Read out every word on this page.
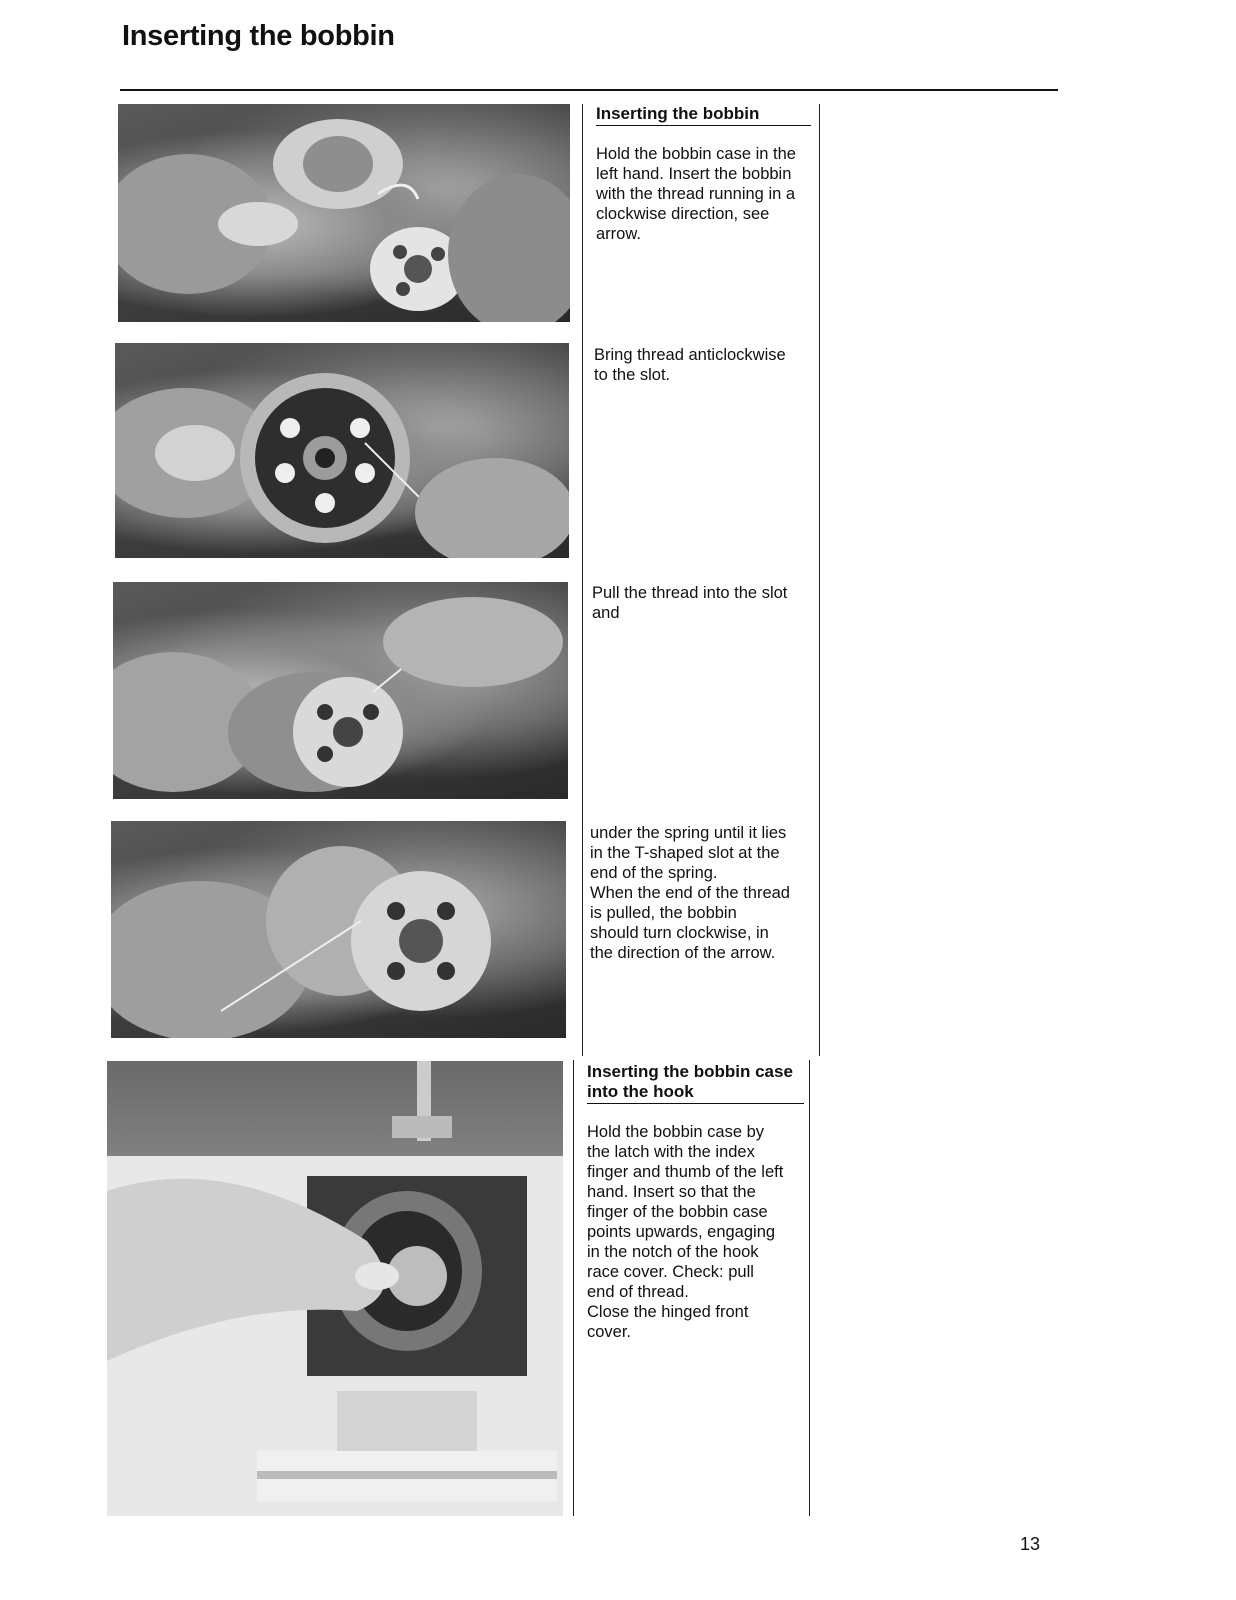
Inserting the bobbin
Inserting the bobbin

Hold the bobbin case in the
left hand. Insert the bobbin
with the thread running in a
clockwise direction, see
arrow.

Bring thread anticlockwise
to the slot.

Pull the thread into the slot
and

under the spring until it lies
in the T-shaped slot at the
end of the spring.
When the end of the thread
is pulled, the bobbin
should turn clockwise, in
the direction of the arrow.

Inserting the bobbin case
into the hook

Hold the bobbin case by
the latch with the index
finger and thumb of the left
hand. Insert so that the
finger of the bobbin case
points upwards, engaging
in the notch of the hook
race cover. Check: pull
end of thread.
Close the hinged front
cover.

13
